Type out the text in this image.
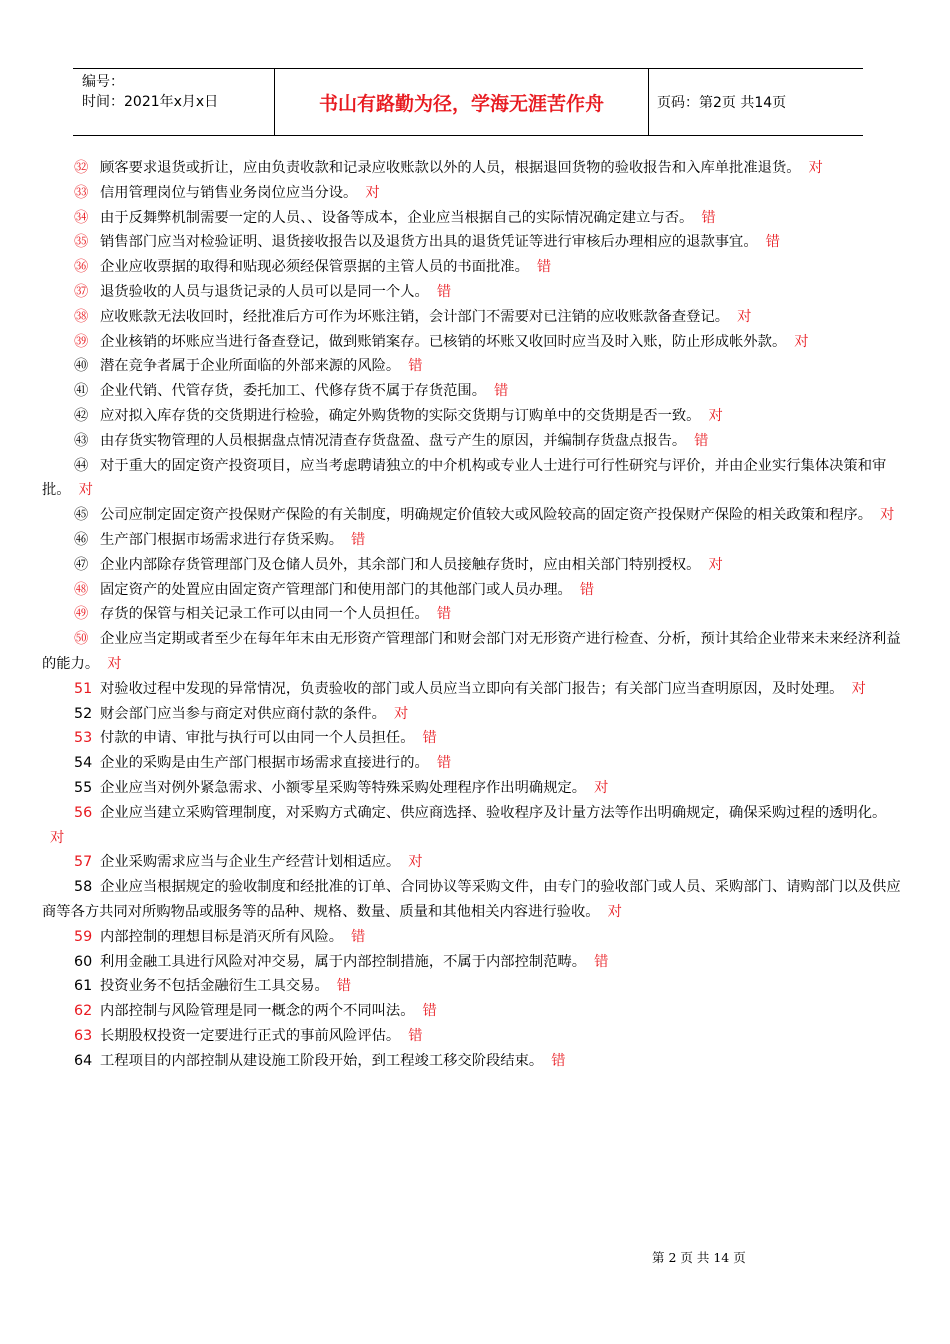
编号：
时间：2021年x月x日	书山有路勤为径，学海无涯苦作舟	页码：第2页 共14页

㉜ 顾客要求退货或折让，应由负责收款和记录应收账款以外的人员，根据退回货物的验收报告和入库单批准退货。 对

㉝ 信用管理岗位与销售业务岗位应当分设。 对

㉞ 由于反舞弊机制需要一定的人员、、设备等成本，企业应当根据自己的实际情况确定建立与否。 错

㉟ 销售部门应当对检验证明、退货接收报告以及退货方出具的退货凭证等进行审核后办理相应的退款事宜。 错

㊱ 企业应收票据的取得和贴现必须经保管票据的主管人员的书面批准。 错

㊲ 退货验收的人员与退货记录的人员可以是同一个人。 错

㊳ 应收账款无法收回时，经批准后方可作为坏账注销，会计部门不需要对已注销的应收账款备查登记。 对

㊴ 企业核销的坏账应当进行备查登记，做到账销案存。已核销的坏账又收回时应当及时入账，防止形成帐外款。 对

㊵ 潜在竞争者属于企业所面临的外部来源的风险。 错

㊶ 企业代销、代管存货，委托加工、代修存货不属于存货范围。 错

㊷ 应对拟入库存货的交货期进行检验，确定外购货物的实际交货期与订购单中的交货期是否一致。 对

㊸ 由存货实物管理的人员根据盘点情况清查存货盘盈、盘亏产生的原因，并编制存货盘点报告。 错

㊹ 对于重大的固定资产投资项目，应当考虑聘请独立的中介机构或专业人士进行可行性研究与评价，并由企业实行集体决策和审批。 对

㊺ 公司应制定固定资产投保财产保险的有关制度，明确规定价值较大或风险较高的固定资产投保财产保险的相关政策和程序。 对

㊻ 生产部门根据市场需求进行存货采购。 错

㊼ 企业内部除存货管理部门及仓储人员外，其余部门和人员接触存货时，应由相关部门特别授权。 对

㊽ 固定资产的处置应由固定资产管理部门和使用部门的其他部门或人员办理。 错

㊾ 存货的保管与相关记录工作可以由同一个人员担任。 错

㊿ 企业应当定期或者至少在每年年末由无形资产管理部门和财会部门对无形资产进行检查、分析，预计其给企业带来未来经济利益的能力。 对

51 对验收过程中发现的异常情况，负责验收的部门或人员应当立即向有关部门报告；有关部门应当查明原因，及时处理。 对

52 财会部门应当参与商定对供应商付款的条件。 对

53 付款的申请、审批与执行可以由同一个人员担任。 错

54 企业的采购是由生产部门根据市场需求直接进行的。 错

55 企业应当对例外紧急需求、小额零星采购等特殊采购处理程序作出明确规定。 对

56 企业应当建立采购管理制度，对采购方式确定、供应商选择、验收程序及计量方法等作出明确规定，确保采购过程的透明化。对

57 企业采购需求应当与企业生产经营计划相适应。 对

58 企业应当根据规定的验收制度和经批准的订单、合同协议等采购文件，由专门的验收部门或人员、采购部门、请购部门以及供应商等各方共同对所购物品或服务等的品种、规格、数量、质量和其他相关内容进行验收。 对

59 内部控制的理想目标是消灭所有风险。 错

60 利用金融工具进行风险对冲交易，属于内部控制措施，不属于内部控制范畴。 错

61 投资业务不包括金融衍生工具交易。 错

62 内部控制与风险管理是同一概念的两个不同叫法。 错

63 长期股权投资一定要进行正式的事前风险评估。 错

64 工程项目的内部控制从建设施工阶段开始，到工程竣工移交阶段结束。 错

第 2 页 共 14 页
